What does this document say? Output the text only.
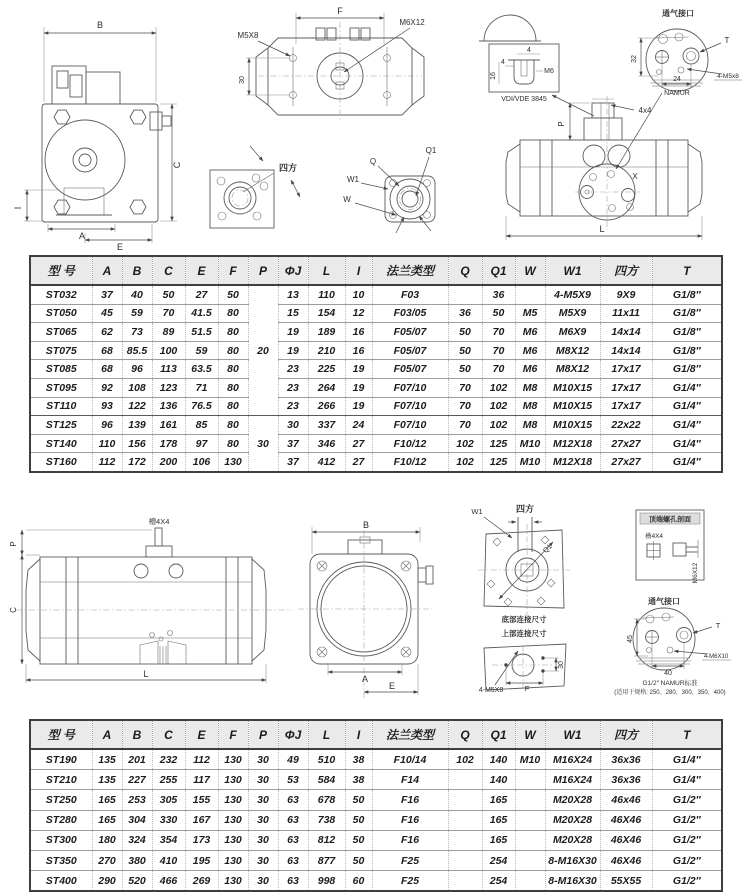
B
C
I
A
E
F
M5X8
M6X12
30
四方
Q
Q1
W1
W
4
4
16
M6
VDI/VDE 3845
通气接口
32
24
NAMUR
T
4-M5x8
4x4
P
X
L
槽4X4
P
C
L
B
A
E
W1	四方
Q1
底部连接尺寸
上部连接尺寸
30
F
4-M5X8
顶端螺孔剖面
槽4X4
M6X12
通气接口
45
40
T
4-M6X10
G1/2″ NAMUR标准
(适用于规格: 250、280、300、350、400)
型 号	A	B	C	E	F	P	ΦJ	L	I	法兰类型	Q	Q1	W	W1	四方	T
ST032	37	40	50	27	50	20	13	110	10	F03		36		4-M5X9	9X9	G1/8″
ST050	45	59	70	41.5	80		15	154	12	F03/05	36	50	M5	M5X9	11x11	G1/8″
ST065	62	73	89	51.5	80		19	189	16	F05/07	50	70	M6	M6X9	14x14	G1/8″
ST075	68	85.5	100	59	80		19	210	16	F05/07	50	70	M6	M8X12	14x14	G1/8″
ST085	68	96	113	63.5	80		23	225	19	F05/07	50	70	M6	M8X12	17x17	G1/8″
ST095	92	108	123	71	80		23	264	19	F07/10	70	102	M8	M10X15	17x17	G1/4″
ST110	93	122	136	76.5	80		23	266	19	F07/10	70	102	M8	M10X15	17x17	G1/4″
ST125	96	139	161	85	80	30	30	337	24	F07/10	70	102	M8	M10X15	22x22	G1/4″
ST140	110	156	178	97	80		37	346	27	F10/12	102	125	M10	M12X18	27x27	G1/4″
ST160	112	172	200	106	130		37	412	27	F10/12	102	125	M10	M12X18	27x27	G1/4″
型 号	A	B	C	E	F	P	ΦJ	L	I	法兰类型	Q	Q1	W	W1	四方	T
ST190	135	201	232	112	130	30	49	510	38	F10/14	102	140	M10	M16X24	36x36	G1/4″
ST210	135	227	255	117	130	30	53	584	38	F14		140		M16X24	36x36	G1/4″
ST250	165	253	305	155	130	30	63	678	50	F16		165		M20X28	46x46	G1/2″
ST280	165	304	330	167	130	30	63	738	50	F16		165		M20X28	46X46	G1/2″
ST300	180	324	354	173	130	30	63	812	50	F16		165		M20X28	46X46	G1/2″
ST350	270	380	410	195	130	30	63	877	50	F25		254		8-M16X30	46X46	G1/2″
ST400	290	520	466	269	130	30	63	998	60	F25		254		8-M16X30	55X55	G1/2″
